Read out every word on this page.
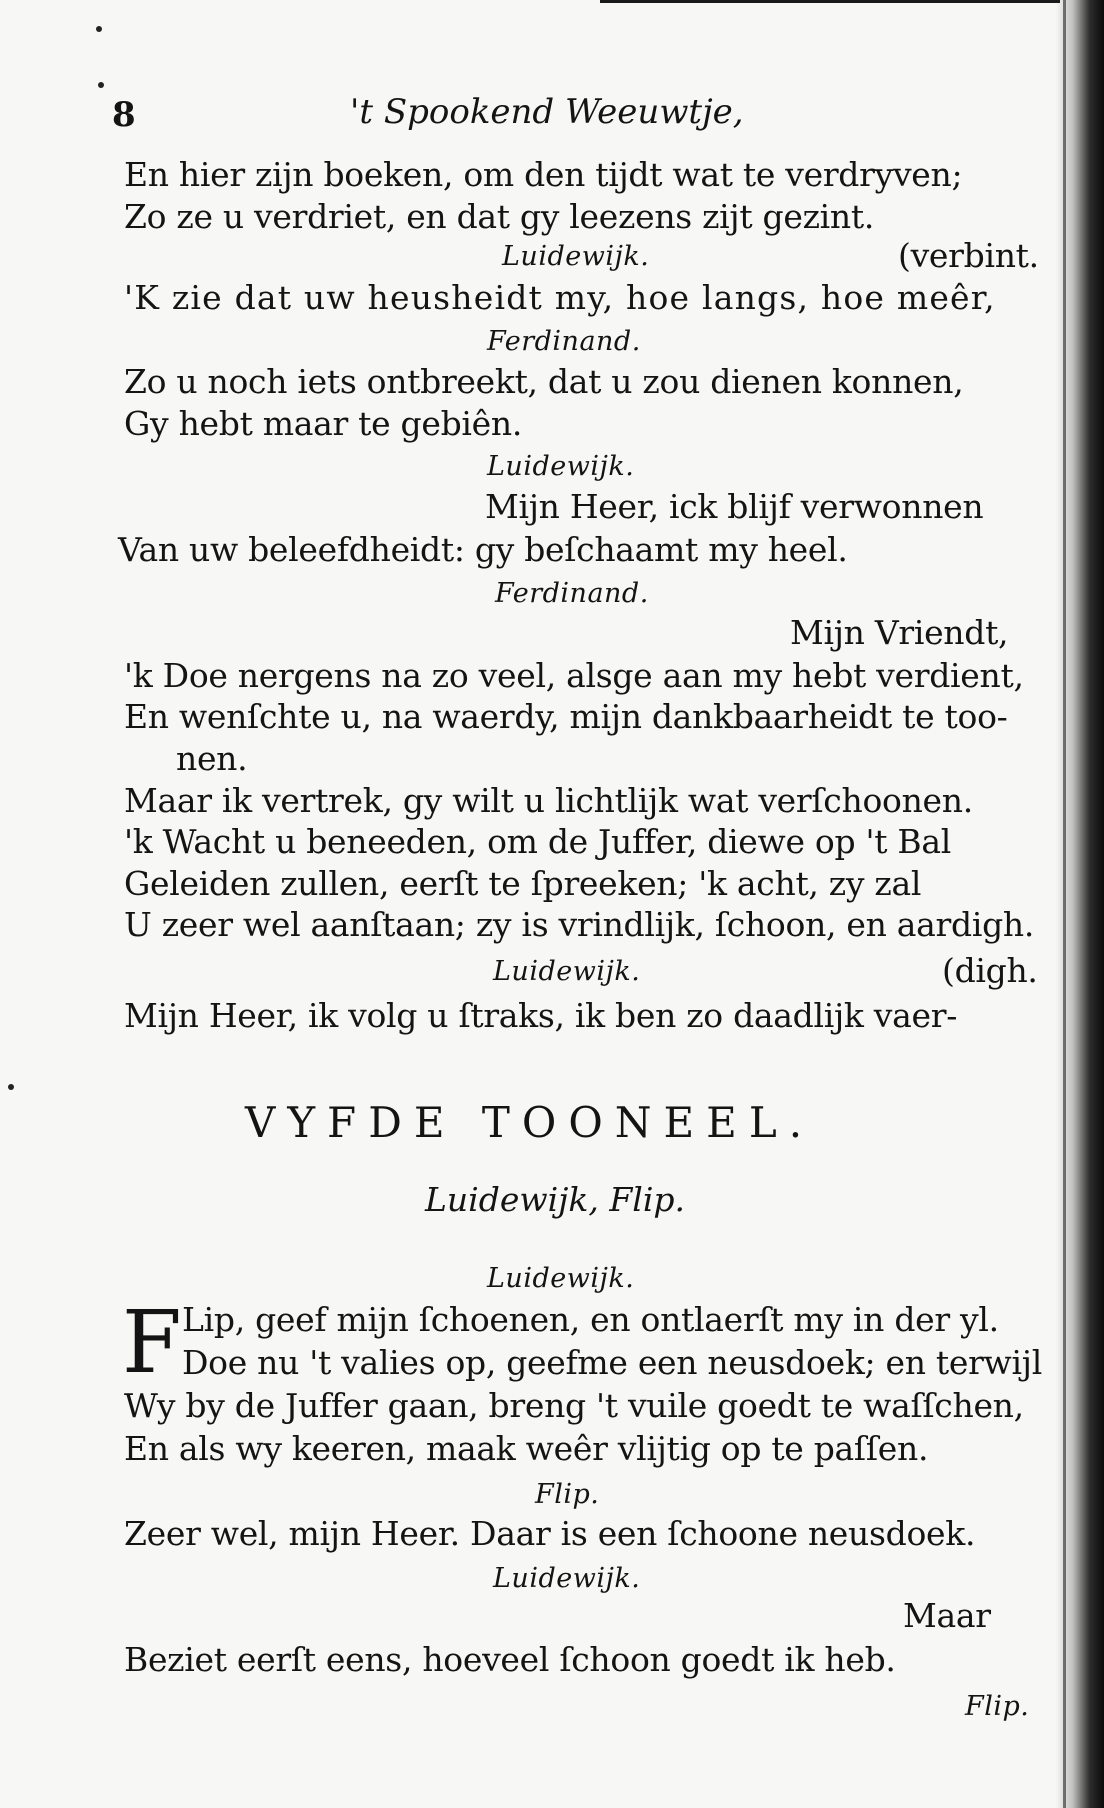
8	't Spookend Weeuwtje,
En hier zijn boeken, om den tijdt wat te verdryven;
Zo ze u verdriet, en dat gy leezens zijt gezint.
Luidewijk.	(verbint.
'K zie dat uw heusheidt my, hoe langs, hoe meêr,
Ferdinand.
Zo u noch iets ontbreekt, dat u zou dienen konnen,
Gy hebt maar te gebiên.
Luidewijk.
Mijn Heer, ick blijf verwonnen
Van uw beleefdheidt: gy beſchaamt my heel.
Ferdinand.
Mijn Vriendt,
'k Doe nergens na zo veel, alsge aan my hebt verdient,
En wenſchte u, na waerdy, mijn dankbaarheidt te too-
nen.
Maar ik vertrek, gy wilt u lichtlijk wat verſchoonen.
'k Wacht u beneeden, om de Juffer, diewe op 't Bal
Geleiden zullen, eerſt te ſpreeken; 'k acht, zy zal
U zeer wel aanſtaan; zy is vrindlijk, ſchoon, en aardigh.
Luidewijk.	(digh.
Mijn Heer, ik volg u ſtraks, ik ben zo daadlijk vaer-
VYFDE TOONEEL.
Luidewijk, Flip.
Luidewijk.
F Lip, geef mijn ſchoenen, en ontlaerſt my in der yl.
Doe nu 't valies op, geefme een neusdoek; en terwijl
Wy by de Juffer gaan, breng 't vuile goedt te waſſchen,
En als wy keeren, maak weêr vlijtig op te paſſen.
Flip.
Zeer wel, mijn Heer. Daar is een ſchoone neusdoek.
Luidewijk.
Maar
Beziet eerſt eens, hoeveel ſchoon goedt ik heb.
Flip.
